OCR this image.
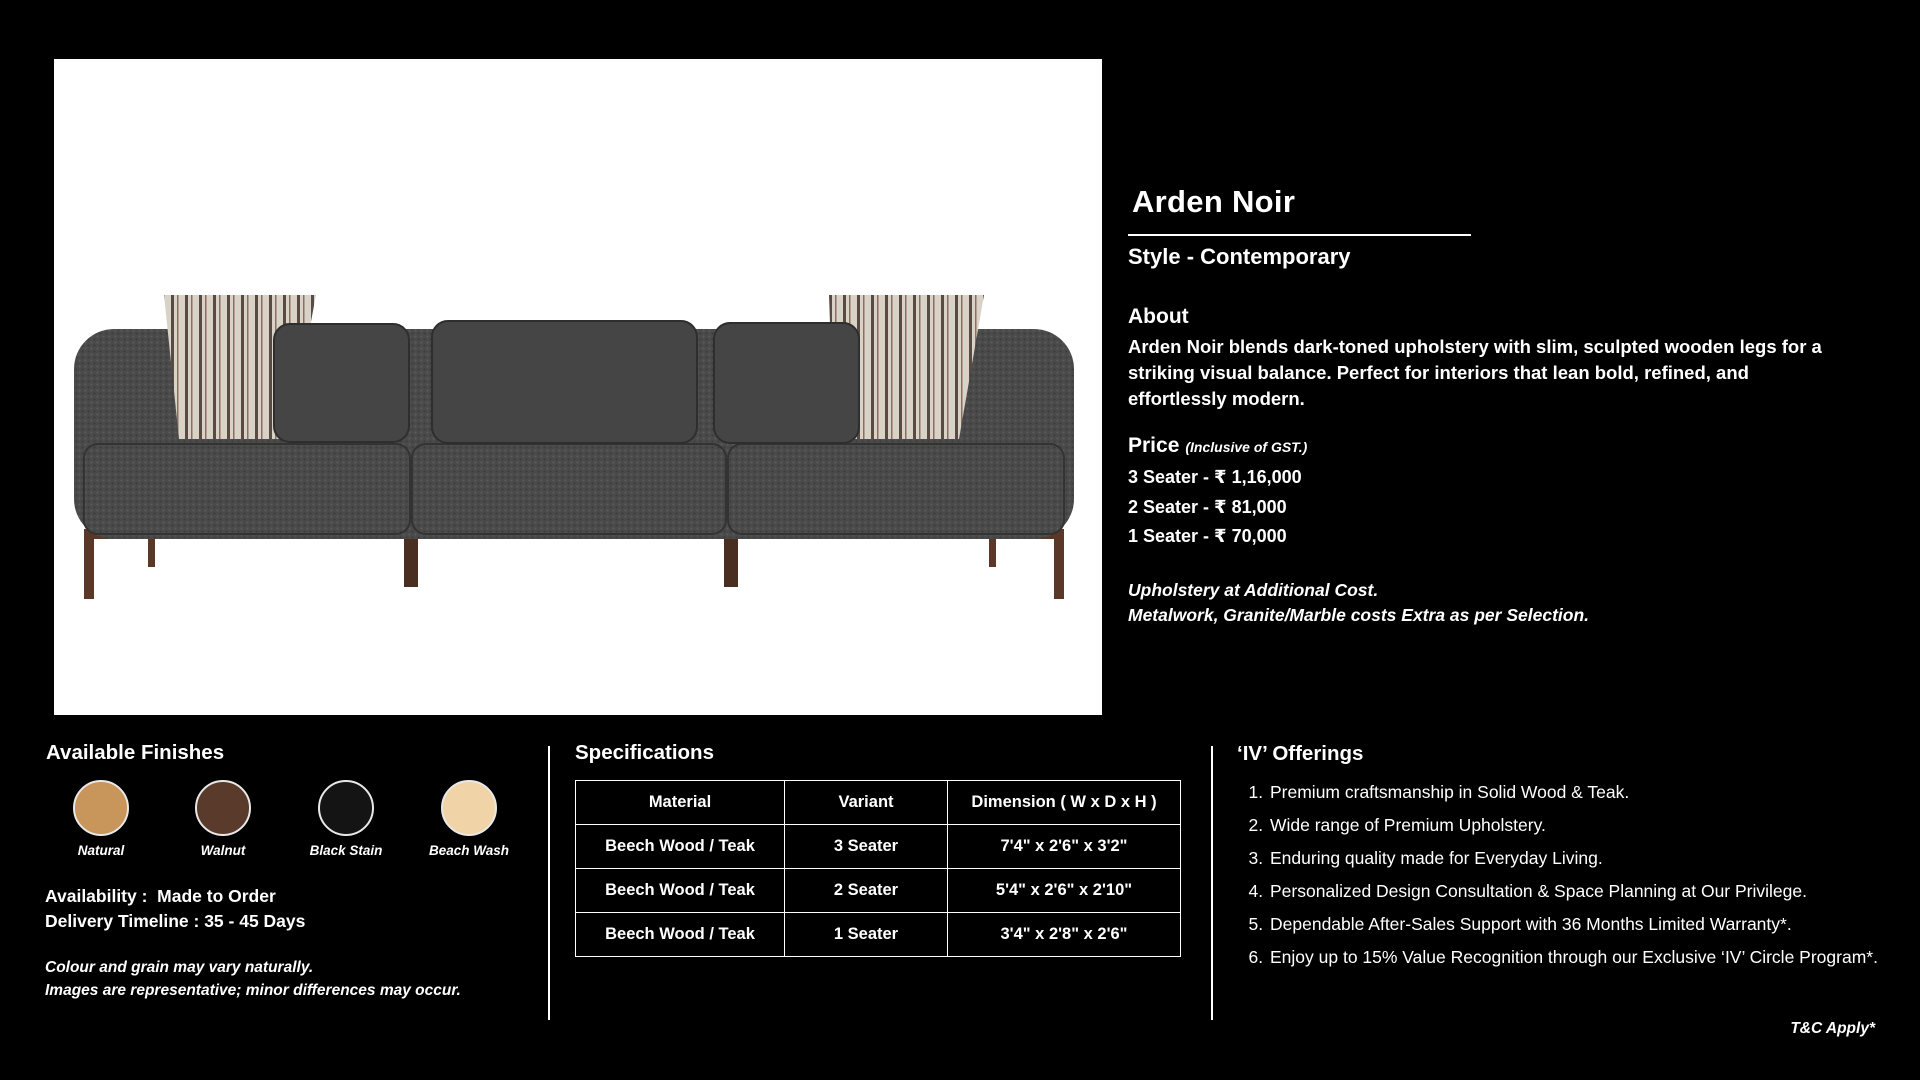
Arden Noir
Style - Contemporary
About
Arden Noir blends dark-toned upholstery with slim, sculpted wooden legs for a striking visual balance. Perfect for interiors that lean bold, refined, and effortlessly modern.
Price (Inclusive of GST.)
3 Seater - ₹ 1,16,000
2 Seater - ₹ 81,000
1 Seater - ₹ 70,000
Upholstery at Additional Cost.
Metalwork, Granite/Marble costs Extra as per Selection.
Available Finishes
Natural	Walnut	Black Stain	Beach Wash
Availability :  Made to Order
Delivery Timeline : 35 - 45 Days
Colour and grain may vary naturally.
Images are representative; minor differences may occur.
Specifications
Material	Variant	Dimension ( W x D x H )
Beech Wood / Teak	3 Seater	7'4" x 2'6" x 3'2"
Beech Wood / Teak	2 Seater	5'4" x 2'6" x 2'10"
Beech Wood / Teak	1 Seater	3'4" x 2'8" x 2'6"
‘IV’ Offerings
1. Premium craftsmanship in Solid Wood & Teak.
2. Wide range of Premium Upholstery.
3. Enduring quality made for Everyday Living.
4. Personalized Design Consultation & Space Planning at Our Privilege.
5. Dependable After-Sales Support with 36 Months Limited Warranty*.
6. Enjoy up to 15% Value Recognition through our Exclusive ‘IV’ Circle Program*.
T&C Apply*
